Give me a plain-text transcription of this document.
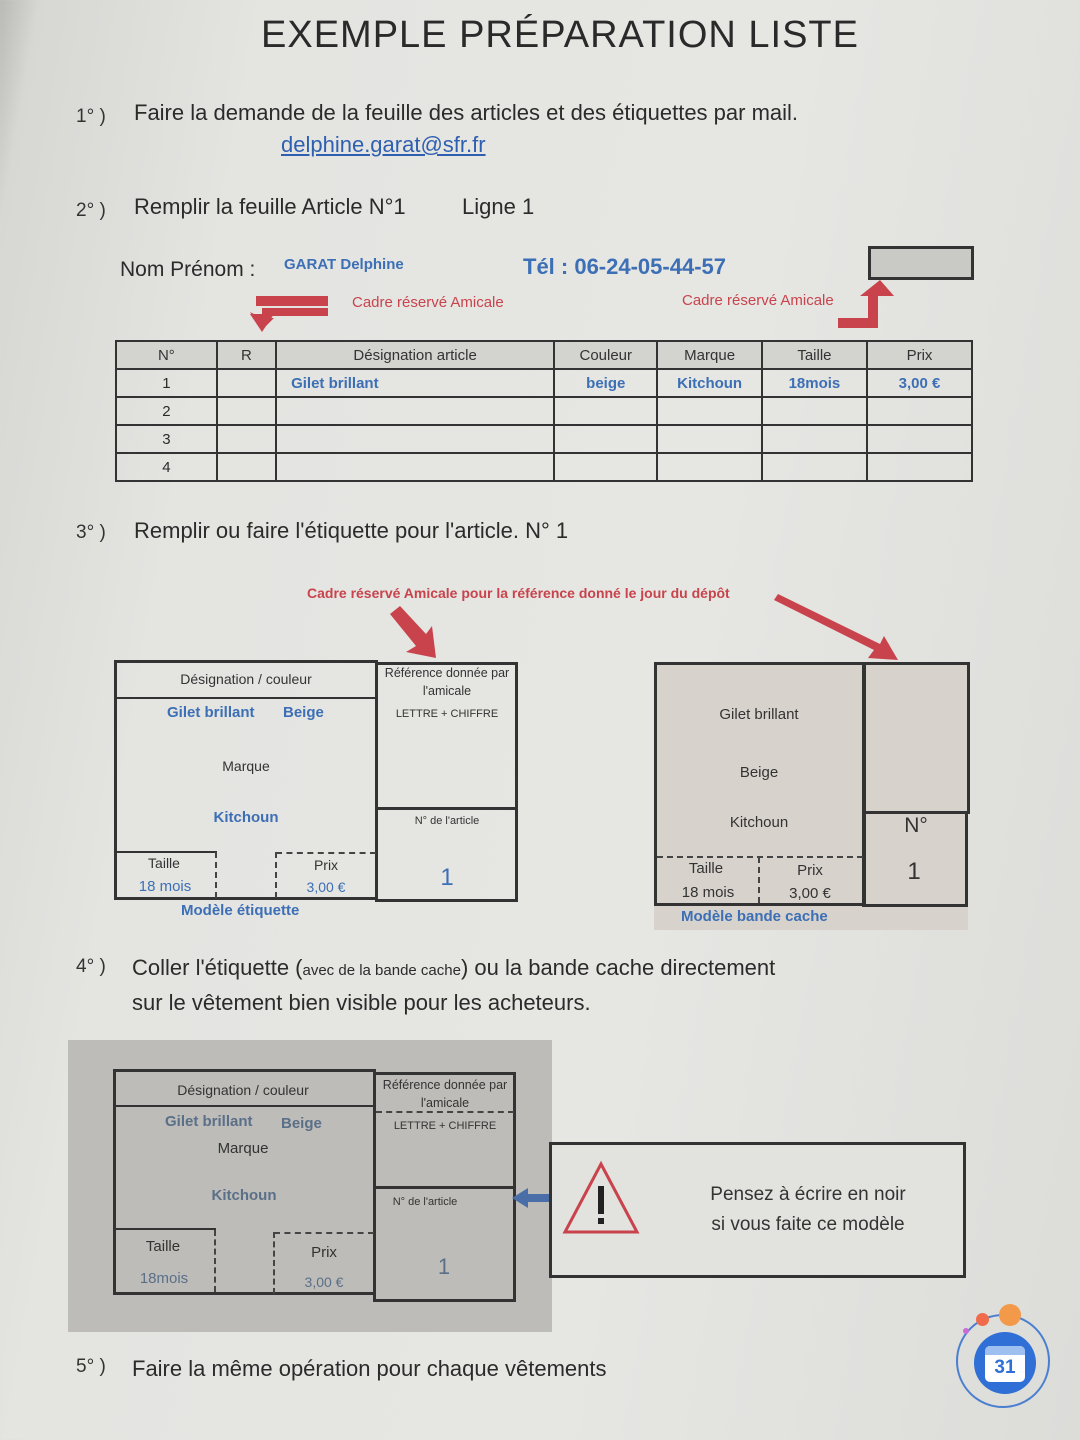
EXEMPLE PRÉPARATION LISTE
1° ) Faire la demande de la feuille des articles et des étiquettes par mail.
delphine.garat@sfr.fr
2° ) Remplir la feuille Article N°1	Ligne 1
Nom Prénom : GARAT Delphine	Tél : 06-24-05-44-57
Cadre réservé Amicale	Cadre réservé Amicale
N°	R	Désignation article	Couleur	Marque	Taille	Prix
1		Gilet brillant	beige	Kitchoun	18mois	3,00 €
2						
3						
4						
3° ) Remplir ou faire l'étiquette pour l'article. N° 1
Cadre réservé Amicale pour la référence donné le jour du dépôt
Désignation / couleur
Gilet brillant Beige
Marque
Kitchoun
Taille
18 mois
Prix
3,00 €
Référence donnée par l'amicale
LETTRE + CHIFFRE
N° de l'article
1
Modèle étiquette
Gilet brillant
Beige
Kitchoun
Taille
18 mois
Prix
3,00 €
N°
1
Modèle bande cache
4° ) Coller l'étiquette (avec de la bande cache) ou la bande cache directement
sur le vêtement bien visible pour les acheteurs.
Désignation / couleur
Gilet brillant Beige
Marque
Kitchoun
Taille
18mois
Prix
3,00 €
Référence donnée par l'amicale
LETTRE + CHIFFRE
N° de l'article
1
Pensez à écrire en noir
si vous faite ce modèle
5° ) Faire la même opération pour chaque vêtements	31
